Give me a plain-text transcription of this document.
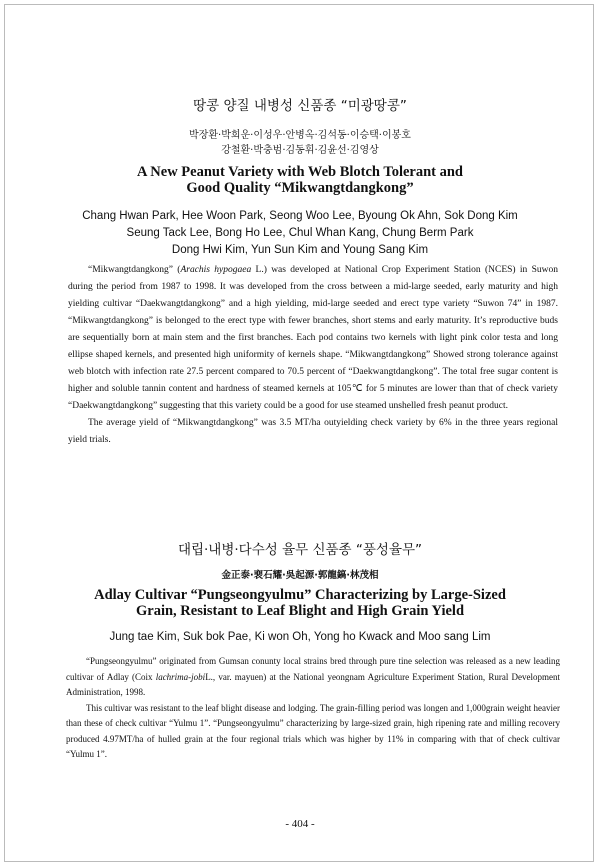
땅콩 양질 내병성 신품종 “미광땅콩”

박장환·박희운·이성우·안병옥·김석동·이승택·이봉호

강철환·박충범·김동휘·김윤선·김영상

A New Peanut Variety with Web Blotch Tolerant and
Good Quality “Mikwangtdangkong”

Chang Hwan Park, Hee Woon Park, Seong Woo Lee, Byoung Ok Ahn, Sok Dong Kim

Seung Tack Lee, Bong Ho Lee, Chul Whan Kang, Chung Berm Park

Dong Hwi Kim, Yun Sun Kim and Young Sang Kim

“Mikwangtdangkong” (Arachis hypogaea L.) was developed at National Crop Experiment Station (NCES) in Suwon during the period from 1987 to 1998. It was developed from the cross between a mid-large seeded, early maturity and high yielding cultivar “Daekwangtdangkong” and a high yielding, mid-large seeded and erect type variety “Suwon 74” in 1987. “Mikwangtdangkong” is belonged to the erect type with fewer branches, short stems and early maturity. It’s reproductive buds are sequentially born at main stem and the first branches. Each pod contains two kernels with light pink color testa and long ellipse shaped kernels, and presented high uniformity of kernels shape. “Mikwangtdangkong” Showed strong tolerance against web blotch with infection rate 27.5 percent compared to 70.5 percent of “Daekwangtdangkong”. The total free sugar content is higher and soluble tannin content and hardness of steamed kernels at 105℃ for 5 minutes are lower than that of check variety “Daekwangtdangkong” suggesting that this variety could be a good for use steamed unshelled fresh peanut product.

The average yield of “Mikwangtdangkong” was 3.5 MT/ha outyielding check variety by 6% in the three years regional yield trials.

대립·내병·다수성 율무 신품종 “풍성율무”

金正泰·裵石耀·吳起源·郭龍鎬·林茂相

Adlay Cultivar “Pungseongyulmu” Characterizing by Large-Sized
Grain, Resistant to Leaf Blight and High Grain Yield

Jung tae Kim, Suk bok Pae, Ki won Oh, Yong ho Kwack and Moo sang Lim

“Pungseongyulmu” originated from Gumsan conunty local strains bred through pure tine selection was released as a new leading cultivar of Adlay (Coix lachrima-jobiL., var. mayuen) at the National yeongnam Agriculture Experiment Station, Rural Development Administration, 1998.

This cultivar was resistant to the leaf blight disease and lodging. The grain-filling period was longen and 1,000grain weight heavier than these of check cultivar “Yulmu 1”. “Pungseongyulmu” characterizing by large-sized grain, high ripening rate and milling recovery produced 4.97MT/ha of hulled grain at the four regional trials which was higher by 11% in comparing with that of check cultivar “Yulmu 1”.

- 404 -
